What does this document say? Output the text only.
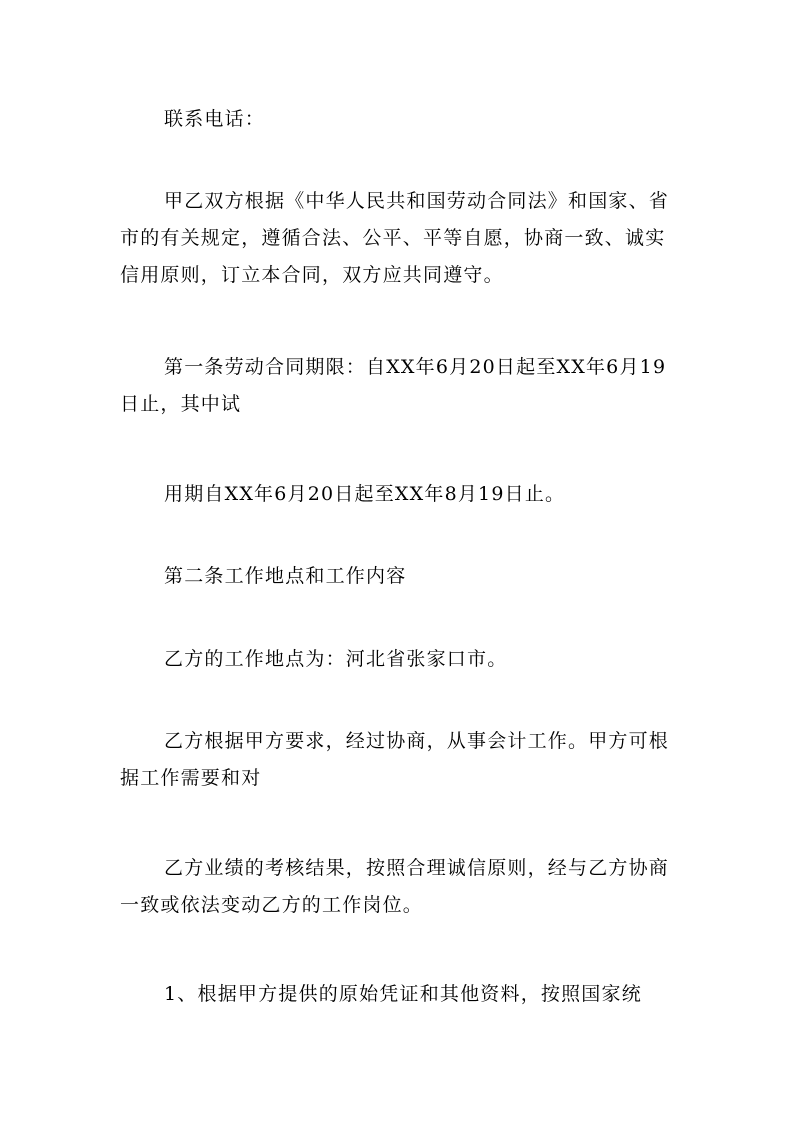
联系电话：

甲乙双方根据《中华人民共和国劳动合同法》和国家、省市的有关规定，遵循合法、公平、平等自愿，协商一致、诚实信用原则，订立本合同，双方应共同遵守。

第一条劳动合同期限：自XX年6月20日起至XX年6月19日止，其中试

用期自XX年6月20日起至XX年8月19日止。

第二条工作地点和工作内容

乙方的工作地点为：河北省张家口市。

乙方根据甲方要求，经过协商，从事会计工作。甲方可根据工作需要和对

乙方业绩的考核结果，按照合理诚信原则，经与乙方协商一致或依法变动乙方的工作岗位。

1、根据甲方提供的原始凭证和其他资料，按照国家统
